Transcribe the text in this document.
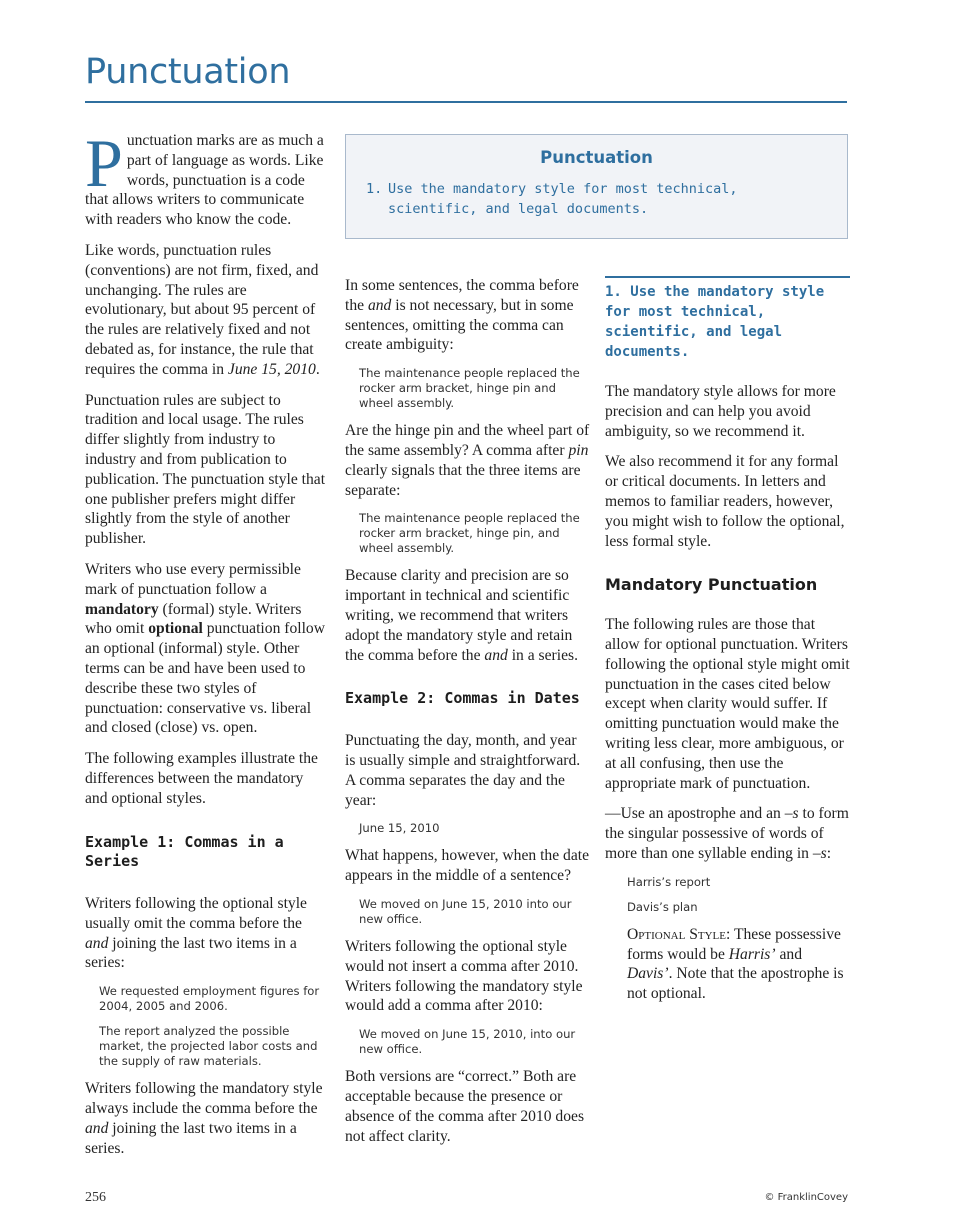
Punctuation

Punctuation marks are as much a part of language as words. Like words, punctuation is a code that allows writers to communicate with readers who know the code.

Like words, punctuation rules (conventions) are not firm, fixed, and unchanging. The rules are evolutionary, but about 95 percent of the rules are relatively fixed and not debated as, for instance, the rule that requires the comma in June 15, 2010.

Punctuation rules are subject to tradition and local usage. The rules differ slightly from industry to industry and from publication to publication. The punctuation style that one publisher prefers might differ slightly from the style of another publisher.

Writers who use every permissible mark of punctuation follow a mandatory (formal) style. Writers who omit optional punctuation follow an optional (informal) style. Other terms can be and have been used to describe these two styles of punctuation: conservative vs. liberal and closed (close) vs. open.

The following examples illustrate the differences between the mandatory and optional styles.

Example 1: Commas in a Series

Writers following the optional style usually omit the comma before the and joining the last two items in a series:

We requested employment figures for 2004, 2005 and 2006.

The report analyzed the possible market, the projected labor costs and the supply of raw materials.

Writers following the mandatory style always include the comma before the and joining the last two items in a series.

Punctuation
1. Use the mandatory style for most technical, scientific, and legal documents.

In some sentences, the comma before the and is not necessary, but in some sentences, omitting the comma can create ambiguity:

The maintenance people replaced the rocker arm bracket, hinge pin and wheel assembly.

Are the hinge pin and the wheel part of the same assembly? A comma after pin clearly signals that the three items are separate:

The maintenance people replaced the rocker arm bracket, hinge pin, and wheel assembly.

Because clarity and precision are so important in technical and scientific writing, we recommend that writers adopt the mandatory style and retain the comma before the and in a series.

Example 2: Commas in Dates

Punctuating the day, month, and year is usually simple and straightforward. A comma separates the day and the year:

June 15, 2010

What happens, however, when the date appears in the middle of a sentence?

We moved on June 15, 2010 into our new office.

Writers following the optional style would not insert a comma after 2010. Writers following the mandatory style would add a comma after 2010:

We moved on June 15, 2010, into our new office.

Both versions are “correct.” Both are acceptable because the presence or absence of the comma after 2010 does not affect clarity.

1. Use the mandatory style for most technical, scientific, and legal documents.

The mandatory style allows for more precision and can help you avoid ambiguity, so we recommend it.

We also recommend it for any formal or critical documents. In letters and memos to familiar readers, however, you might wish to follow the optional, less formal style.

Mandatory Punctuation

The following rules are those that allow for optional punctuation. Writers following the optional style might omit punctuation in the cases cited below except when clarity would suffer. If omitting punctuation would make the writing less clear, more ambiguous, or at all confusing, then use the appropriate mark of punctuation.

—Use an apostrophe and an –s to form the singular possessive of words of more than one syllable ending in –s:

Harris’s report

Davis’s plan

Optional Style: These possessive forms would be Harris’ and Davis’. Note that the apostrophe is not optional.

256	© FranklinCovey
